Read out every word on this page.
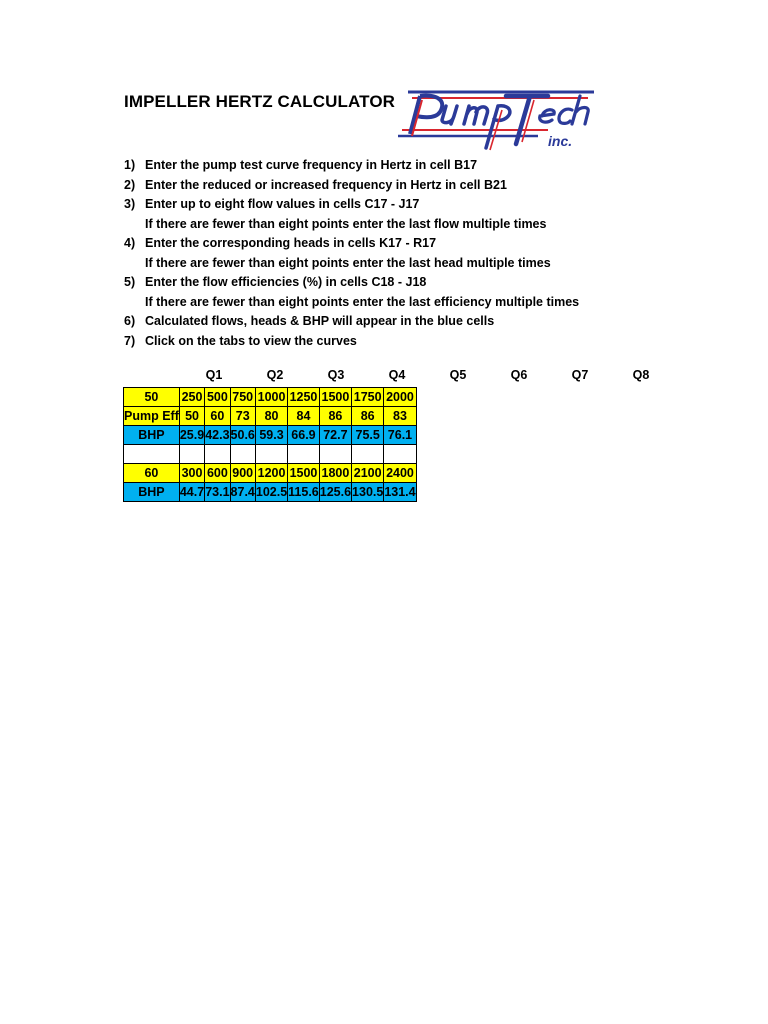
IMPELLER HERTZ CALCULATOR
inc.
1) Enter the pump test curve frequency in Hertz in cell B17
2) Enter the reduced or increased frequency in Hertz in cell B21
3) Enter up to eight flow values in cells C17 - J17
If there are fewer than eight points enter the last flow multiple times
4) Enter the corresponding heads in cells K17 - R17
If there are fewer than eight points enter the last head multiple times
5) Enter the flow efficiencies (%) in cells C18 - J18
If there are fewer than eight points enter the last efficiency multiple times
6) Calculated flows, heads & BHP will appear in the blue cells
7) Click on the tabs to view the curves
Q1	Q2	Q3	Q4	Q5	Q6	Q7	Q8
50	250	500	750	1000	1250	1500	1750	2000
Pump Eff	50	60	73	80	84	86	86	83
BHP	25.9	42.3	50.6	59.3	66.9	72.7	75.5	76.1

60	300	600	900	1200	1500	1800	2100	2400
BHP	44.7	73.1	87.4	102.5	115.6	125.6	130.5	131.4
